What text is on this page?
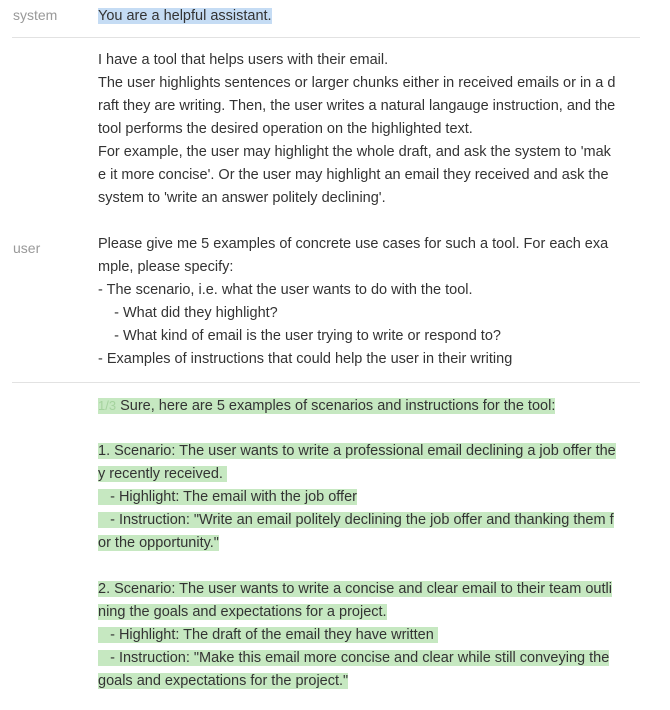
system	You are a helpful assistant.
user
I have a tool that helps users with their email.
The user highlights sentences or larger chunks either in received emails or in a d
raft they are writing. Then, the user writes a natural langauge instruction, and the
tool performs the desired operation on the highlighted text.
For example, the user may highlight the whole draft, and ask the system to 'mak
e it more concise'. Or the user may highlight an email they received and ask the
system to 'write an answer politely declining'.
Please give me 5 examples of concrete use cases for such a tool. For each exa
mple, please specify:
- The scenario, i.e. what the user wants to do with the tool.
- What did they highlight?
- What kind of email is the user trying to write or respond to?
- Examples of instructions that could help the user in their writing
1/3 Sure, here are 5 examples of scenarios and instructions for the tool:
1. Scenario: The user wants to write a professional email declining a job offer the
y recently received.
- Highlight: The email with the job offer
- Instruction: "Write an email politely declining the job offer and thanking them f
or the opportunity."
2. Scenario: The user wants to write a concise and clear email to their team outli
ning the goals and expectations for a project.
- Highlight: The draft of the email they have written
- Instruction: "Make this email more concise and clear while still conveying the
goals and expectations for the project."
